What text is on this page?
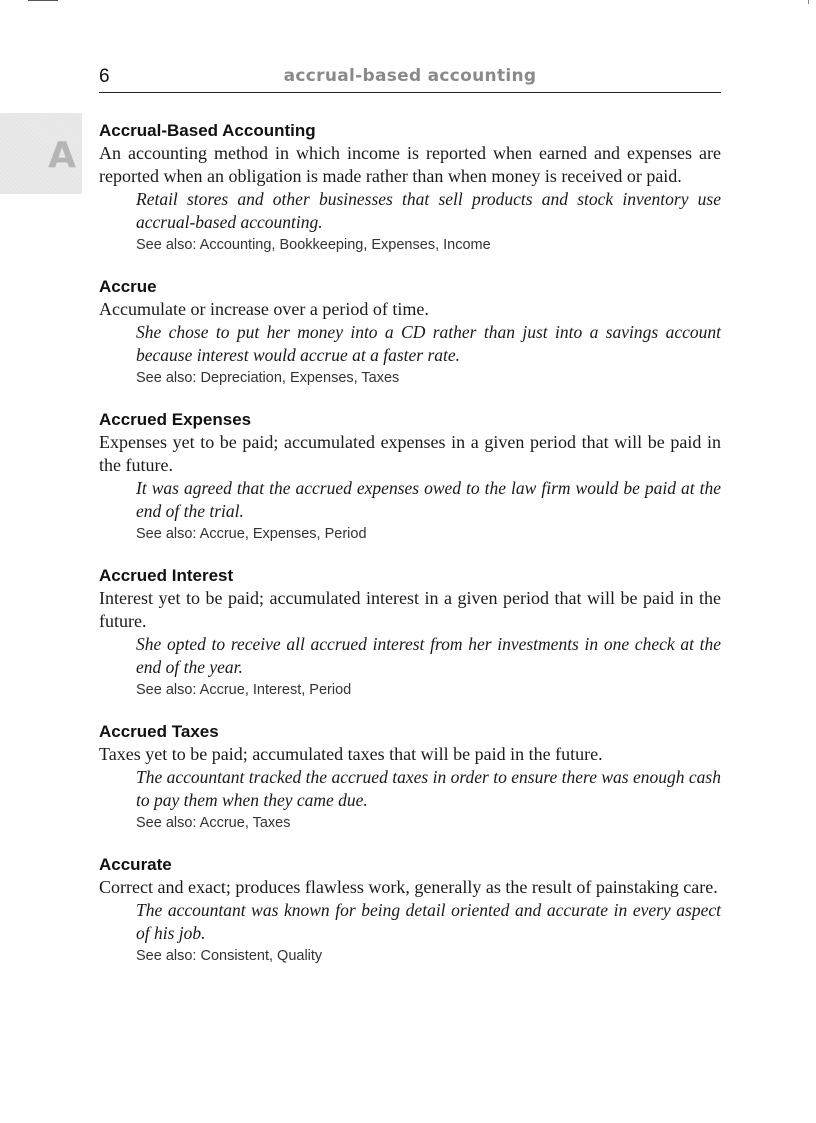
6	accrual-based accounting
A
Accrual-Based Accounting
An accounting method in which income is reported when earned and expenses are reported when an obligation is made rather than when money is received or paid.
Retail stores and other businesses that sell products and stock inventory use accrual-based accounting.
See also: Accounting, Bookkeeping, Expenses, Income
Accrue
Accumulate or increase over a period of time.
She chose to put her money into a CD rather than just into a savings account because interest would accrue at a faster rate.
See also: Depreciation, Expenses, Taxes
Accrued Expenses
Expenses yet to be paid; accumulated expenses in a given period that will be paid in the future.
It was agreed that the accrued expenses owed to the law firm would be paid at the end of the trial.
See also: Accrue, Expenses, Period
Accrued Interest
Interest yet to be paid; accumulated interest in a given period that will be paid in the future.
She opted to receive all accrued interest from her investments in one check at the end of the year.
See also: Accrue, Interest, Period
Accrued Taxes
Taxes yet to be paid; accumulated taxes that will be paid in the future.
The accountant tracked the accrued taxes in order to ensure there was enough cash to pay them when they came due.
See also: Accrue, Taxes
Accurate
Correct and exact; produces flawless work, generally as the result of painstaking care.
The accountant was known for being detail oriented and accurate in every aspect of his job.
See also: Consistent, Quality
